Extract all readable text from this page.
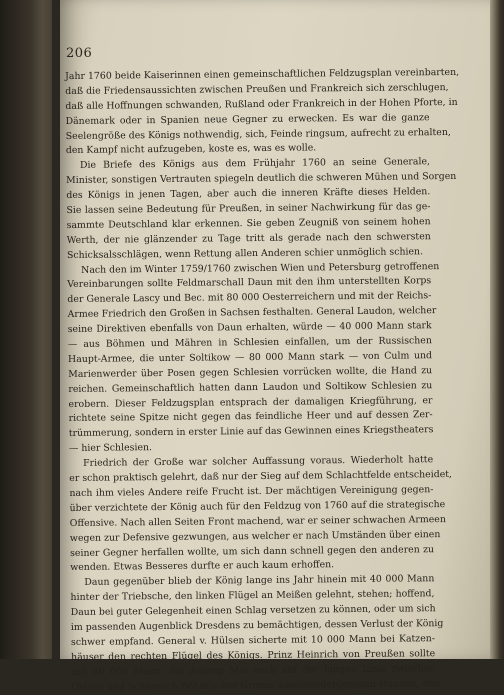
206
Jahr 1760 beide Kaiserinnen einen gemeinschaftlichen Feldzugsplan vereinbarten,
daß die Friedensaussichten zwischen Preußen und Frankreich sich zerschlugen,
daß alle Hoffnungen schwanden, Rußland oder Frankreich in der Hohen Pforte, in
Dänemark oder in Spanien neue Gegner zu erwecken. Es war die ganze
Seelengröße des Königs nothwendig, sich, Feinde ringsum, aufrecht zu erhalten,
den Kampf nicht aufzugeben, koste es, was es wolle.
Die Briefe des Königs aus dem Frühjahr 1760 an seine Generale,
Minister, sonstigen Vertrauten spiegeln deutlich die schweren Mühen und Sorgen
des Königs in jenen Tagen, aber auch die inneren Kräfte dieses Helden.
Sie lassen seine Bedeutung für Preußen, in seiner Nachwirkung für das ge-
sammte Deutschland klar erkennen. Sie geben Zeugniß von seinem hohen
Werth, der nie glänzender zu Tage tritt als gerade nach den schwersten
Schicksalsschlägen, wenn Rettung allen Anderen schier unmöglich schien.
Nach den im Winter 1759/1760 zwischen Wien und Petersburg getroffenen
Vereinbarungen sollte Feldmarschall Daun mit den ihm unterstellten Korps
der Generale Lascy und Bec. mit 80 000 Oesterreichern und mit der Reichs-
Armee Friedrich den Großen in Sachsen festhalten. General Laudon, welcher
seine Direktiven ebenfalls von Daun erhalten, würde — 40 000 Mann stark
— aus Böhmen und Mähren in Schlesien einfallen, um der Russischen
Haupt-Armee, die unter Soltikow — 80 000 Mann stark — von Culm und
Marienwerder über Posen gegen Schlesien vorrücken wollte, die Hand zu
reichen. Gemeinschaftlich hatten dann Laudon und Soltikow Schlesien zu
erobern. Dieser Feldzugsplan entsprach der damaligen Kriegführung, er
richtete seine Spitze nicht gegen das feindliche Heer und auf dessen Zer-
trümmerung, sondern in erster Linie auf das Gewinnen eines Kriegstheaters
— hier Schlesien.
Friedrich der Große war solcher Auffassung voraus. Wiederholt hatte
er schon praktisch gelehrt, daß nur der Sieg auf dem Schlachtfelde entscheidet,
nach ihm vieles Andere reife Frucht ist. Der mächtigen Vereinigung gegen-
über verzichtete der König auch für den Feldzug von 1760 auf die strategische
Offensive. Nach allen Seiten Front machend, war er seiner schwachen Armeen
wegen zur Defensive gezwungen, aus welcher er nach Umständen über einen
seiner Gegner herfallen wollte, um sich dann schnell gegen den anderen zu
wenden. Etwas Besseres durfte er auch kaum erhoffen.
Daun gegenüber blieb der König lange ins Jahr hinein mit 40 000 Mann
hinter der Triebsche, den linken Flügel an Meißen gelehnt, stehen; hoffend,
Daun bei guter Gelegenheit einen Schlag versetzen zu können, oder um sich
im passenden Augenblick Dresdens zu bemächtigen, dessen Verlust der König
schwer empfand. General v. Hülsen sicherte mit 10 000 Mann bei Katzen-
häuser den rechten Flügel des Königs. Prinz Heinrich von Preußen sollte
mit 40 000 Mann, die Anfang Mai noch auf der langen Linie zwischen
Ostsee und Schlesisch-Böhmischer Grenze auseinandergezogen standen, den
